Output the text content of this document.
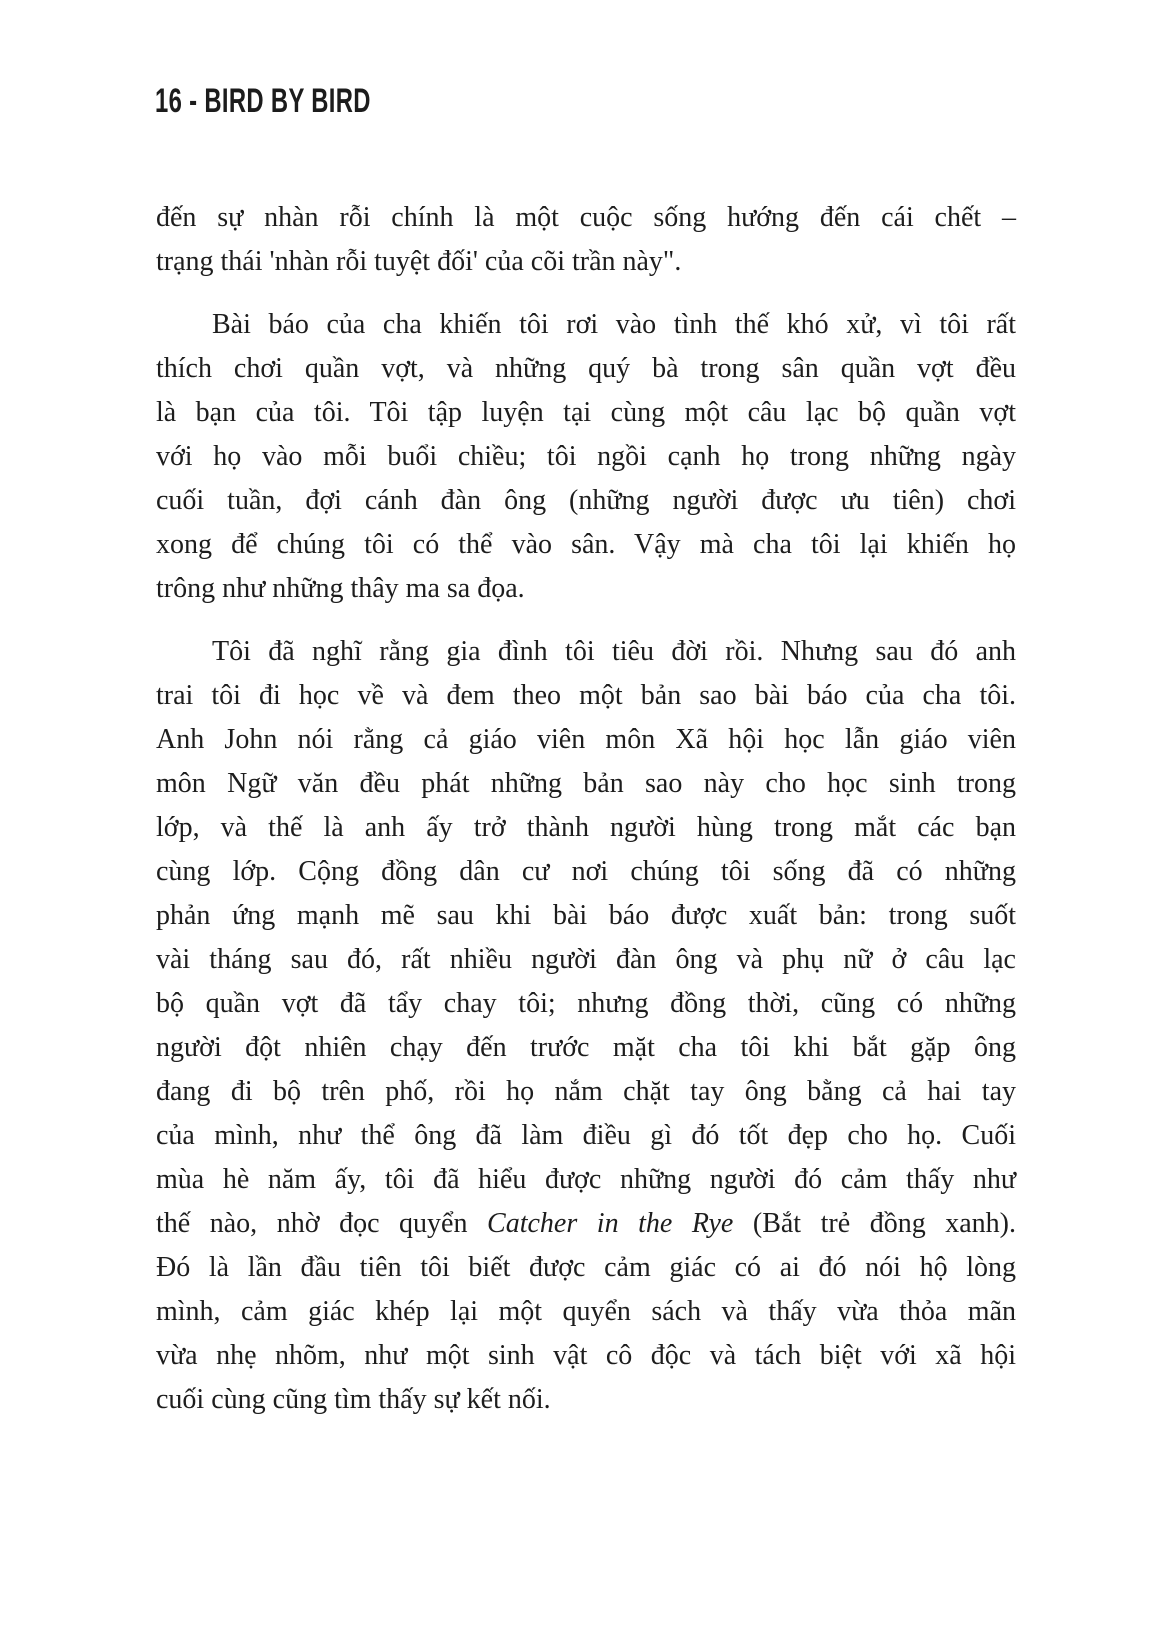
16 - BIRD BY BIRD
đến sự nhàn rỗi chính là một cuộc sống hướng đến cái chết –
trạng thái 'nhàn rỗi tuyệt đối' của cõi trần này".
Bài báo của cha khiến tôi rơi vào tình thế khó xử, vì tôi rất
thích chơi quần vợt, và những quý bà trong sân quần vợt đều
là bạn của tôi. Tôi tập luyện tại cùng một câu lạc bộ quần vợt
với họ vào mỗi buổi chiều; tôi ngồi cạnh họ trong những ngày
cuối tuần, đợi cánh đàn ông (những người được ưu tiên) chơi
xong để chúng tôi có thể vào sân. Vậy mà cha tôi lại khiến họ
trông như những thây ma sa đọa.
Tôi đã nghĩ rằng gia đình tôi tiêu đời rồi. Nhưng sau đó anh
trai tôi đi học về và đem theo một bản sao bài báo của cha tôi.
Anh John nói rằng cả giáo viên môn Xã hội học lẫn giáo viên
môn Ngữ văn đều phát những bản sao này cho học sinh trong
lớp, và thế là anh ấy trở thành người hùng trong mắt các bạn
cùng lớp. Cộng đồng dân cư nơi chúng tôi sống đã có những
phản ứng mạnh mẽ sau khi bài báo được xuất bản: trong suốt
vài tháng sau đó, rất nhiều người đàn ông và phụ nữ ở câu lạc
bộ quần vợt đã tẩy chay tôi; nhưng đồng thời, cũng có những
người đột nhiên chạy đến trước mặt cha tôi khi bắt gặp ông
đang đi bộ trên phố, rồi họ nắm chặt tay ông bằng cả hai tay
của mình, như thể ông đã làm điều gì đó tốt đẹp cho họ. Cuối
mùa hè năm ấy, tôi đã hiểu được những người đó cảm thấy như
thế nào, nhờ đọc quyển Catcher in the Rye (Bắt trẻ đồng xanh).
Đó là lần đầu tiên tôi biết được cảm giác có ai đó nói hộ lòng
mình, cảm giác khép lại một quyển sách và thấy vừa thỏa mãn
vừa nhẹ nhõm, như một sinh vật cô độc và tách biệt với xã hội
cuối cùng cũng tìm thấy sự kết nối.
